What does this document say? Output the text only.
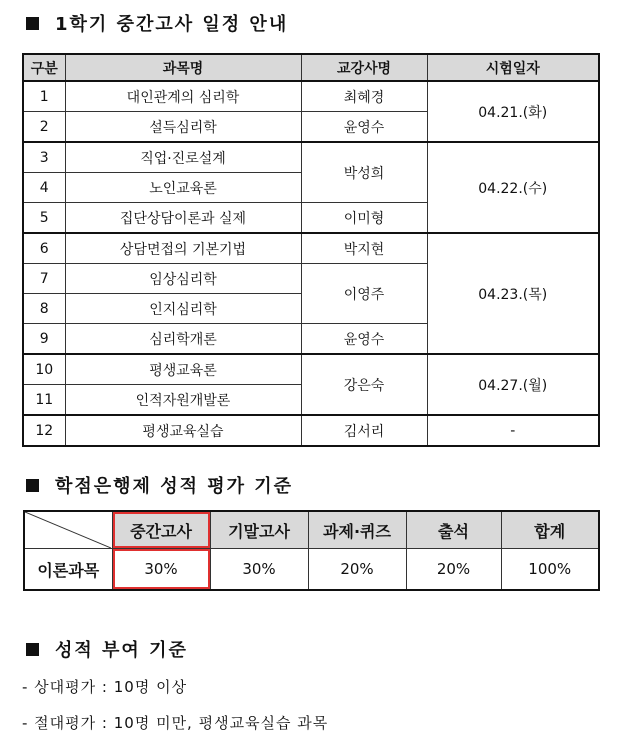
1학기 중간고사 일정 안내
구분	과목명	교강사명	시험일자
1	대인관계의 심리학	최혜경	04.21.(화)
2	설득심리학	윤영수	
3	직업·진로설계	박성희	04.22.(수)
4	노인교육론		
5	집단상담이론과 실제	이미형	
6	상담면접의 기본기법	박지현	04.23.(목)
7	임상심리학	이영주	
8	인지심리학		
9	심리학개론	윤영수	
10	평생교육론	강은숙	04.27.(월)
11	인적자원개발론		
12	평생교육실습	김서리	-
학점은행제 성적 평가 기준
	중간고사	기말고사	과제·퀴즈	출석	합계
이론과목	30%	30%	20%	20%	100%
성적 부여 기준
- 상대평가 : 10명 이상
- 절대평가 : 10명 미만, 평생교육실습 과목
